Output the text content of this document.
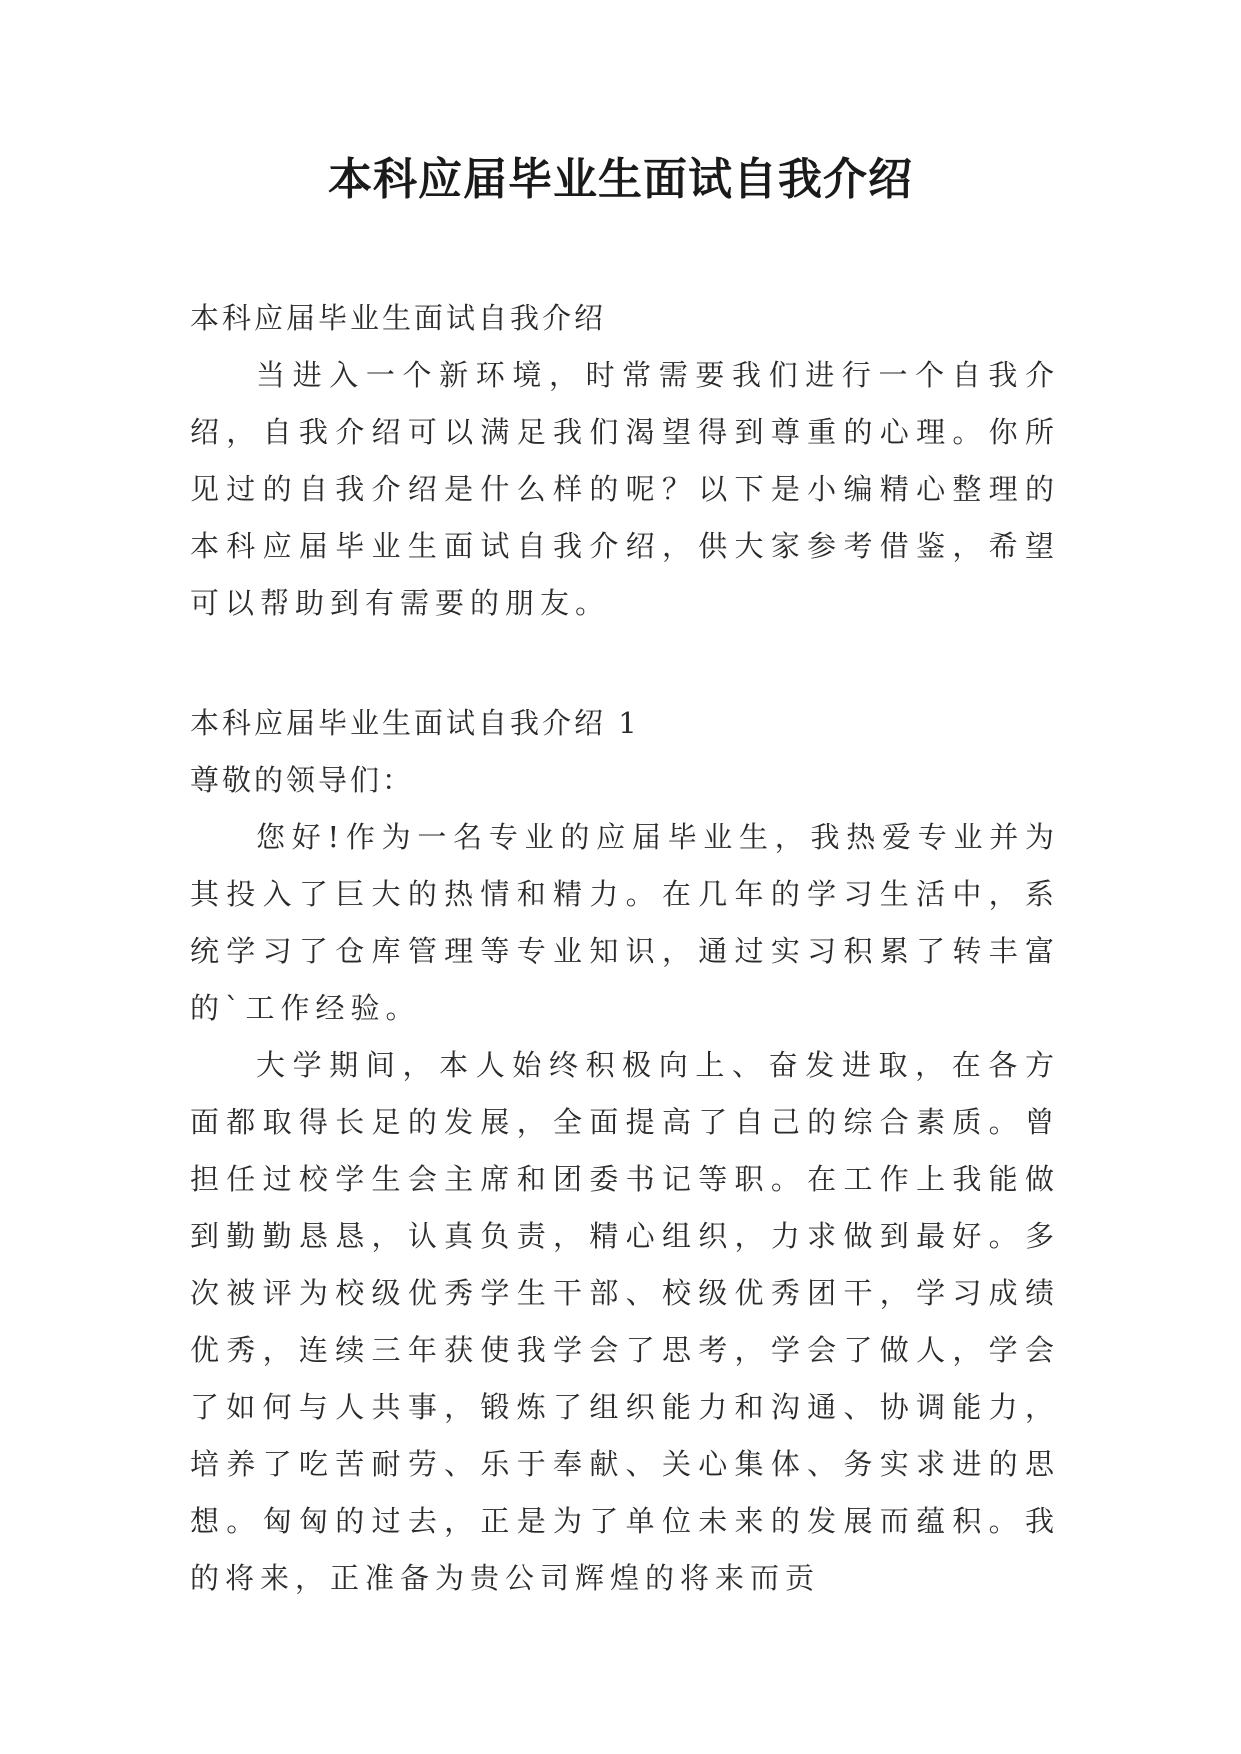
本科应届毕业生面试自我介绍

本科应届毕业生面试自我介绍

当进入一个新环境，时常需要我们进行一个自我介绍，自我介绍可以满足我们渴望得到尊重的心理。你所见过的自我介绍是什么样的呢？以下是小编精心整理的本科应届毕业生面试自我介绍，供大家参考借鉴，希望可以帮助到有需要的朋友。

本科应届毕业生面试自我介绍 1

尊敬的领导们：

您好!作为一名专业的应届毕业生，我热爱专业并为其投入了巨大的热情和精力。在几年的学习生活中，系统学习了仓库管理等专业知识，通过实习积累了转丰富的`工作经验。

大学期间，本人始终积极向上、奋发进取，在各方面都取得长足的发展，全面提高了自己的综合素质。曾担任过校学生会主席和团委书记等职。在工作上我能做到勤勤恳恳，认真负责，精心组织，力求做到最好。多次被评为校级优秀学生干部、校级优秀团干，学习成绩优秀，连续三年获使我学会了思考，学会了做人，学会了如何与人共事，锻炼了组织能力和沟通、协调能力，培养了吃苦耐劳、乐于奉献、关心集体、务实求进的思想。匈匈的过去，正是为了单位未来的发展而蕴积。我的将来，正准备为贵公司辉煌的将来而贡
